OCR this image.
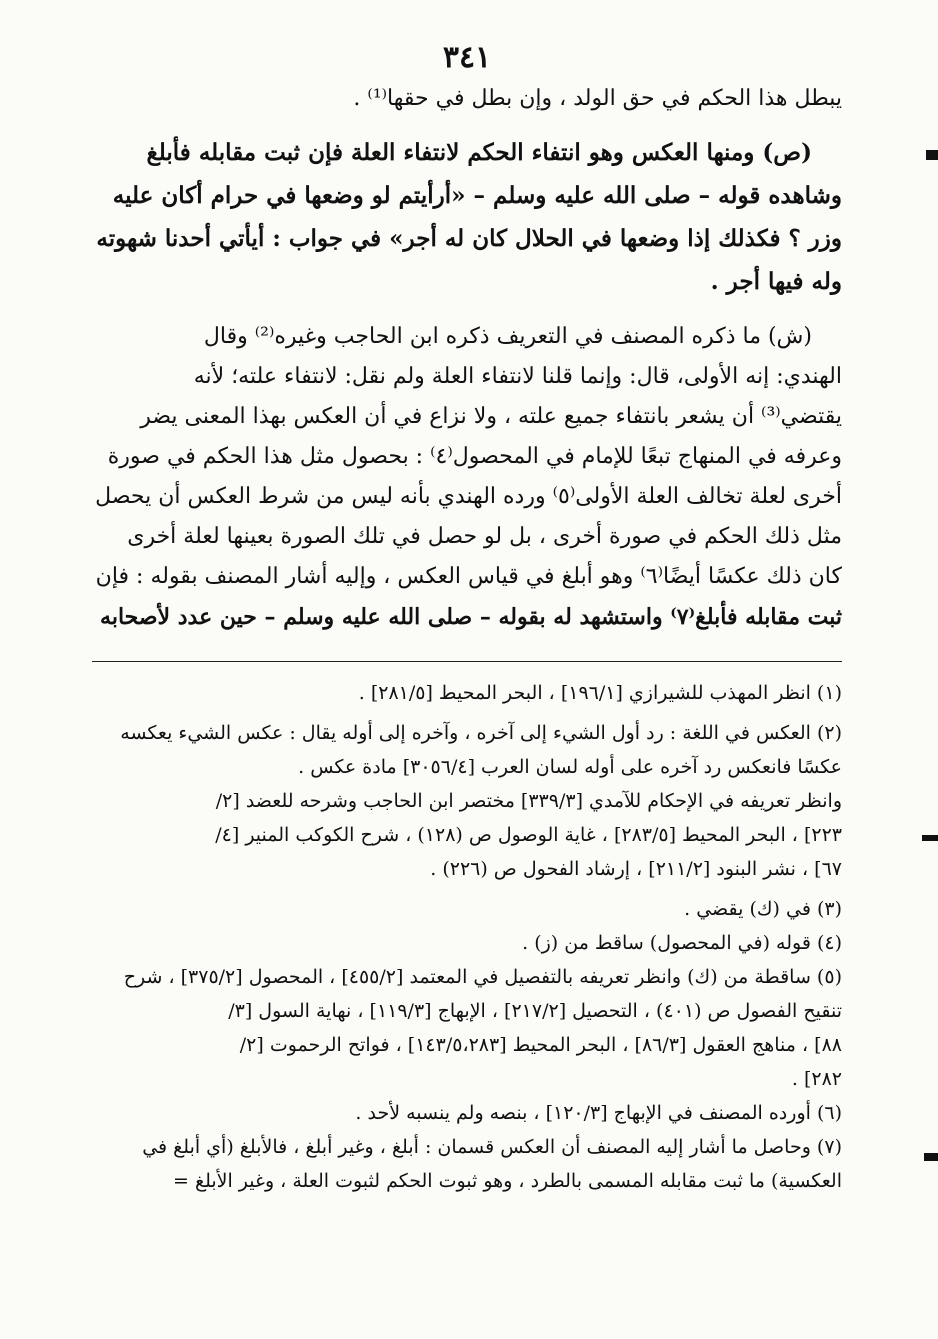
٣٤١
يبطل هذا الحكم في حق الولد ، وإن بطل في حقها⁽¹⁾ .
(ص) ومنها العكس وهو انتفاء الحكم لانتفاء العلة فإن ثبت مقابله فأبلغ
وشاهده قوله – صلى الله عليه وسلم – «أرأيتم لو وضعها في حرام أكان عليه
وزر ؟ فكذلك إذا وضعها في الحلال كان له أجر» في جواب : أيأتي أحدنا شهوته
وله فيها أجر .
(ش) ما ذكره المصنف في التعريف ذكره ابن الحاجب وغيره⁽²⁾ وقال
الهندي: إنه الأولى، قال: وإنما قلنا لانتفاء العلة ولم نقل: لانتفاء علته؛ لأنه
يقتضي⁽³⁾ أن يشعر بانتفاء جميع علته ، ولا نزاع في أن العكس بهذا المعنى يضر
وعرفه في المنهاج تبعًا للإمام في المحصول⁽٤⁾ : بحصول مثل هذا الحكم في صورة
أخرى لعلة تخالف العلة الأولى⁽٥⁾ ورده الهندي بأنه ليس من شرط العكس أن يحصل
مثل ذلك الحكم في صورة أخرى ، بل لو حصل في تلك الصورة بعينها لعلة أخرى
كان ذلك عكسًا أيضًا⁽٦⁾ وهو أبلغ في قياس العكس ، وإليه أشار المصنف بقوله : فإن
ثبت مقابله فأبلغ⁽٧⁾ واستشهد له بقوله – صلى الله عليه وسلم – حين عدد لأصحابه
(١) انظر المهذب للشيرازي [١٩٦/١] ، البحر المحيط [٢٨١/٥] .
(٢) العكس في اللغة : رد أول الشيء إلى آخره ، وآخره إلى أوله يقال : عكس الشيء يعكسه
عكسًا فانعكس رد آخره على أوله لسان العرب [٣٠٥٦/٤] مادة عكس .
وانظر تعريفه في الإحكام للآمدي [٣٣٩/٣] مختصر ابن الحاجب وشرحه للعضد [٢/
٢٢٣] ، البحر المحيط [٢٨٣/٥] ، غاية الوصول ص (١٢٨) ، شرح الكوكب المنير [٤/
٦٧] ، نشر البنود [٢١١/٢] ، إرشاد الفحول ص (٢٢٦) .
(٣) في (ك) يقضي .
(٤) قوله (في المحصول) ساقط من (ز) .
(٥) ساقطة من (ك) وانظر تعريفه بالتفصيل في المعتمد [٤٥٥/٢] ، المحصول [٣٧٥/٢] ، شرح
تنقيح الفصول ص (٤٠١) ، التحصيل [٢١٧/٢] ، الإبهاج [١١٩/٣] ، نهاية السول [٣/
٨٨] ، مناهج العقول [٨٦/٣] ، البحر المحيط [١٤٣/٥،٢٨٣] ، فواتح الرحموت [٢/
٢٨٢] .
(٦) أورده المصنف في الإبهاج [١٢٠/٣] ، بنصه ولم ينسبه لأحد .
(٧) وحاصل ما أشار إليه المصنف أن العكس قسمان : أبلغ ، وغير أبلغ ، فالأبلغ (أي أبلغ في
العكسية) ما ثبت مقابله المسمى بالطرد ، وهو ثبوت الحكم لثبوت العلة ، وغير الأبلغ =
